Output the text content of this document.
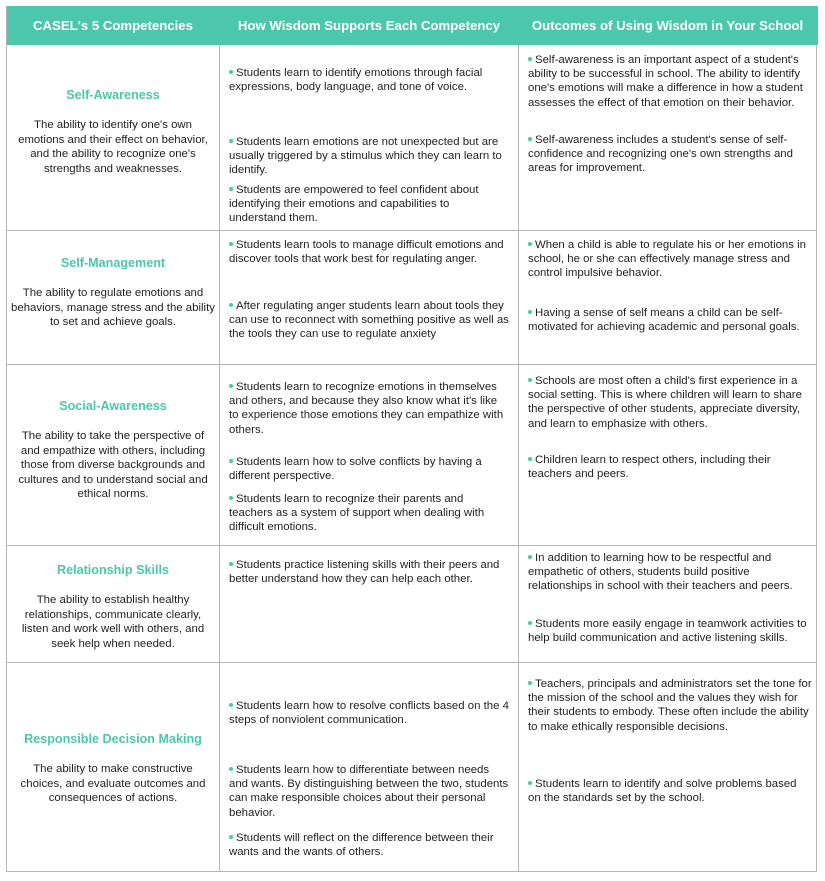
CASEL's 5 Competencies	How Wisdom Supports Each Competency	Outcomes of Using Wisdom in Your School
Self-Awareness
The ability to identify one's own emotions and their effect on behavior, and the ability to recognize one's strengths and weaknesses.
Students learn to identify emotions through facial expressions, body language, and tone of voice.
Students learn emotions are not unexpected but are usually triggered by a stimulus which they can learn to identify.
Students are empowered to feel confident about identifying their emotions and capabilities to understand them.
Self-awareness is an important aspect of a student's ability to be successful in school. The ability to identify one's emotions will make a difference in how a student assesses the effect of that emotion on their behavior.
Self-awareness includes a student's sense of self-confidence and recognizing one's own strengths and areas for improvement.
Self-Management
The ability to regulate emotions and behaviors, manage stress and the ability to set and achieve goals.
Students learn tools to manage difficult emotions and discover tools that work best for regulating anger.
After regulating anger students learn about tools they can use to reconnect with something positive as well as the tools they can use to regulate anxiety
When a child is able to regulate his or her emotions in school, he or she can effectively manage stress and control impulsive behavior.
Having a sense of self means a child can be self-motivated for achieving academic and personal goals.
Social-Awareness
The ability to take the perspective of and empathize with others, including those from diverse backgrounds and cultures and to understand social and ethical norms.
Students learn to recognize emotions in themselves and others, and because they also know what it's like to experience those emotions they can empathize with others.
Students learn how to solve conflicts by having a different perspective.
Students learn to recognize their parents and teachers as a system of support when dealing with difficult emotions.
Schools are most often a child's first experience in a social setting. This is where children will learn to share the perspective of other students, appreciate diversity, and learn to emphasize with others.
Children learn to respect others, including their teachers and peers.
Relationship Skills
The ability to establish healthy relationships, communicate clearly, listen and work well with others, and seek help when needed.
Students practice listening skills with their peers and better understand how they can help each other.
In addition to learning how to be respectful and empathetic of others, students build positive relationships in school with their teachers and peers.
Students more easily engage in teamwork activities to help build communication and active listening skills.
Responsible Decision Making
The ability to make constructive choices, and evaluate outcomes and consequences of actions.
Students learn how to resolve conflicts based on the 4 steps of nonviolent communication.
Students learn how to differentiate between needs and wants. By distinguishing between the two, students can make responsible choices about their personal behavior.
Students will reflect on the difference between their wants and the wants of others.
Teachers, principals and administrators set the tone for the mission of the school and the values they wish for their students to embody. These often include the ability to make ethically responsible decisions.
Students learn to identify and solve problems based on the standards set by the school.
